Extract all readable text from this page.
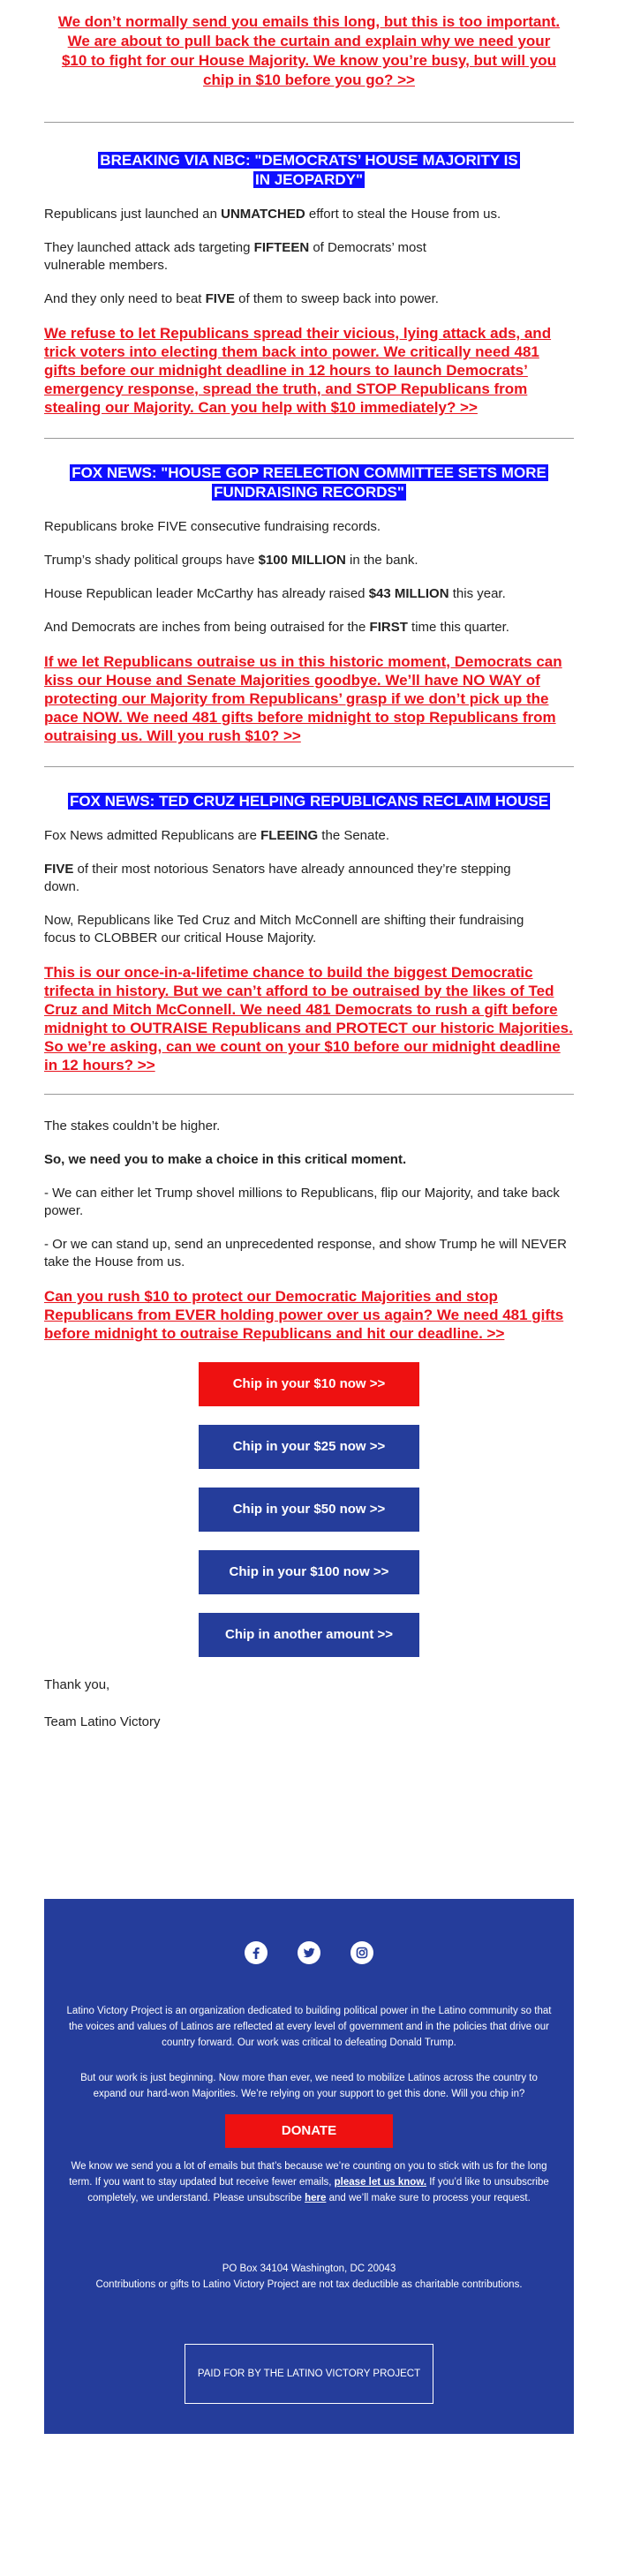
We don’t normally send you emails this long, but this is too important. We are about to pull back the curtain and explain why we need your $10 to fight for our House Majority. We know you’re busy, but will you chip in $10 before you go? >>
BREAKING VIA NBC: "DEMOCRATS’ HOUSE MAJORITY IS IN JEOPARDY"

Republicans just launched an UNMATCHED effort to steal the House from us.

They launched attack ads targeting FIFTEEN of Democrats’ most vulnerable members.

And they only need to beat FIVE of them to sweep back into power.

We refuse to let Republicans spread their vicious, lying attack ads, and trick voters into electing them back into power. We critically need 481 gifts before our midnight deadline in 12 hours to launch Democrats’ emergency response, spread the truth, and STOP Republicans from stealing our Majority. Can you help with $10 immediately? >>
FOX NEWS: "HOUSE GOP REELECTION COMMITTEE SETS MORE FUNDRAISING RECORDS"

Republicans broke FIVE consecutive fundraising records.

Trump’s shady political groups have $100 MILLION in the bank.

House Republican leader McCarthy has already raised $43 MILLION this year.

And Democrats are inches from being outraised for the FIRST time this quarter.

If we let Republicans outraise us in this historic moment, Democrats can kiss our House and Senate Majorities goodbye. We’ll have NO WAY of protecting our Majority from Republicans’ grasp if we don’t pick up the pace NOW. We need 481 gifts before midnight to stop Republicans from outraising us. Will you rush $10? >>
FOX NEWS: TED CRUZ HELPING REPUBLICANS RECLAIM HOUSE

Fox News admitted Republicans are FLEEING the Senate.

FIVE of their most notorious Senators have already announced they’re stepping down.

Now, Republicans like Ted Cruz and Mitch McConnell are shifting their fundraising focus to CLOBBER our critical House Majority.

This is our once-in-a-lifetime chance to build the biggest Democratic trifecta in history. But we can’t afford to be outraised by the likes of Ted Cruz and Mitch McConnell. We need 481 Democrats to rush a gift before midnight to OUTRAISE Republicans and PROTECT our historic Majorities. So we’re asking, can we count on your $10 before our midnight deadline in 12 hours? >>

The stakes couldn’t be higher.

So, we need you to make a choice in this critical moment.

- We can either let Trump shovel millions to Republicans, flip our Majority, and take back power.

- Or we can stand up, send an unprecedented response, and show Trump he will NEVER take the House from us.

Can you rush $10 to protect our Democratic Majorities and stop Republicans from EVER holding power over us again? We need 481 gifts before midnight to outraise Republicans and hit our deadline. >>
Chip in your $10 now >>
Chip in your $25 now >>
Chip in your $50 now >>
Chip in your $100 now >>
Chip in another amount >>

Thank you,

Team Latino Victory

Latino Victory Project is an organization dedicated to building political power in the Latino community so that the voices and values of Latinos are reflected at every level of government and in the policies that drive our country forward. Our work was critical to defeating Donald Trump.

But our work is just beginning. Now more than ever, we need to mobilize Latinos across the country to expand our hard-won Majorities. We’re relying on your support to get this done. Will you chip in?

DONATE

We know we send you a lot of emails but that’s because we’re counting on you to stick with us for the long term. If you want to stay updated but receive fewer emails, please let us know. If you’d like to unsubscribe completely, we understand. Please unsubscribe here and we’ll make sure to process your request.

PO Box 34104 Washington, DC 20043

Contributions or gifts to Latino Victory Project are not tax deductible as charitable contributions.

PAID FOR BY THE LATINO VICTORY PROJECT
